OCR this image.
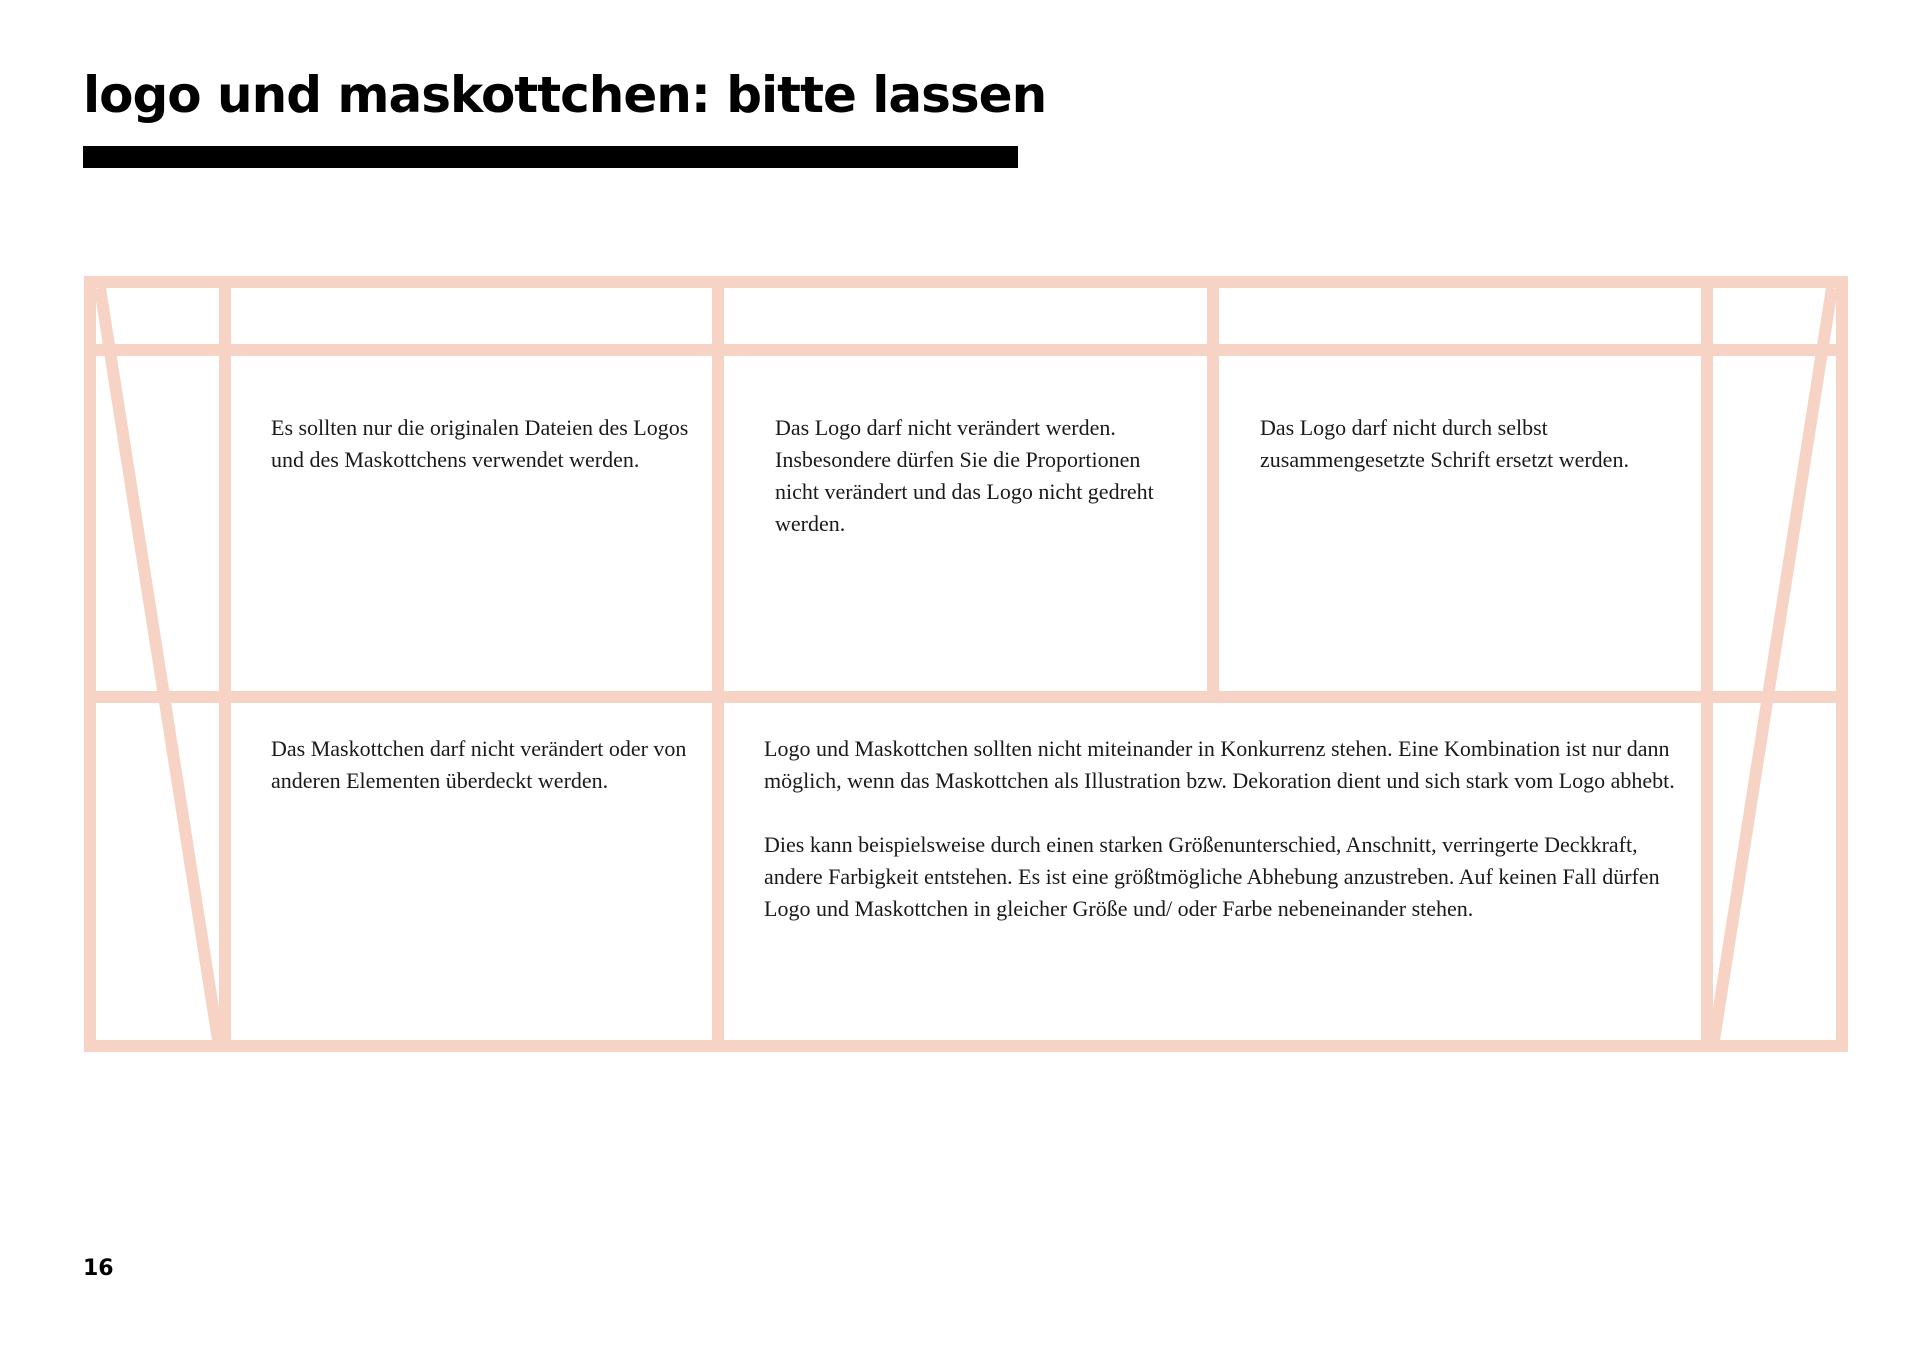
logo und maskottchen: bitte lassen

Es sollten nur die originalen Dateien des Logos und des Maskottchens verwendet werden.

Das Logo darf nicht verändert werden. Insbesondere dürfen Sie die Proportionen nicht verändert und das Logo nicht gedreht werden.

Das Logo darf nicht durch selbst zusammengesetzte Schrift ersetzt werden.

Das Maskottchen darf nicht verändert oder von anderen Elementen überdeckt werden.

Logo und Maskottchen sollten nicht miteinander in Konkurrenz stehen. Eine Kombination ist nur dann möglich, wenn das Maskottchen als Illustration bzw. Dekoration dient und sich stark vom Logo abhebt.

Dies kann beispielsweise durch einen starken Größenunterschied, Anschnitt, verringerte Deckkraft, andere Farbigkeit entstehen. Es ist eine größtmögliche Abhebung anzustreben. Auf keinen Fall dürfen Logo und Maskottchen in gleicher Größe und/ oder Farbe nebeneinander stehen.

16
